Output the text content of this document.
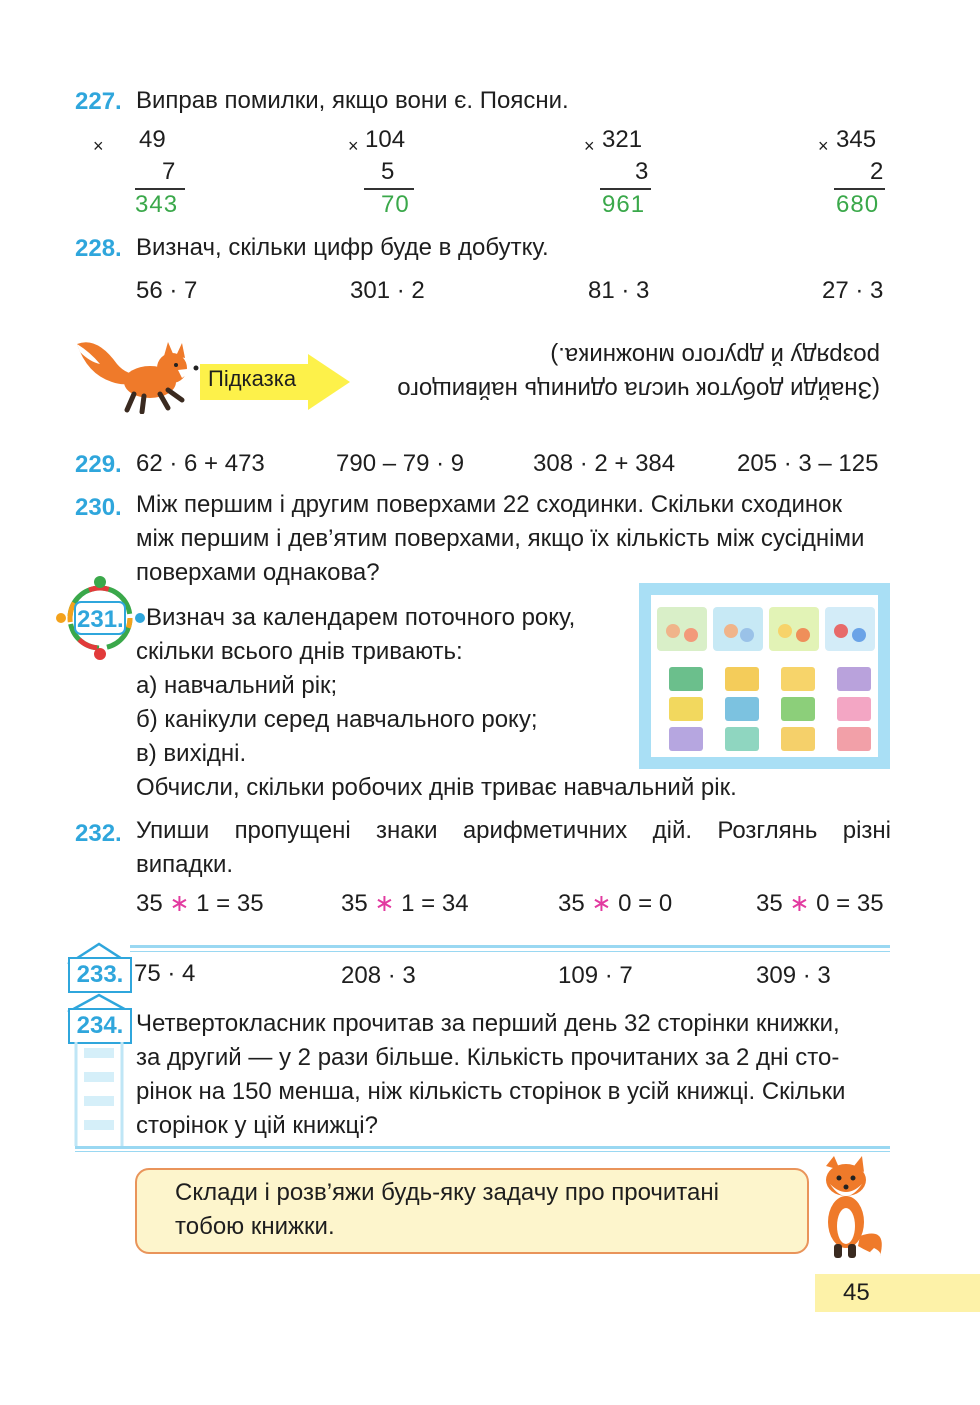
227. Виправ помилки, якщо вони є. Поясни.
×	49
7
343
× 104
5
70
× 321
3
961
× 345
2
680
228. Визнач, скільки цифр буде в добутку.
56 · 7	301 · 2	81 · 3	27 · 3
Підказка	(Знайди добуток числа одиниць найвищого розряду й другого множника.)
229. 62 · 6 + 473	790 – 79 · 9	308 · 2 + 384	205 · 3 – 125
230. Між першим і другим поверхами 22 сходинки. Скільки сходинок
між першим і дев’ятим поверхами, якщо їх кількість між сусідніми
поверхами однакова?
231. Визнач за календарем поточного року,
скільки всього днів тривають:
а) навчальний рік;
б) канікули серед навчального року;
в) вихідні.
Обчисли, скільки робочих днів триває навчальний рік.
232. Упиши пропущені знаки арифметичних дій. Розглянь різні
випадки.
35 ∗ 1 = 35	35 ∗ 1 = 34	35 ∗ 0 = 0	35 ∗ 0 = 35
233. 75 · 4	208 · 3	109 · 7	309 · 3
234. Четвертокласник прочитав за перший день 32 сторінки книжки,
за другий — у 2 рази більше. Кількість прочитаних за 2 дні сто-
рінок на 150 менша, ніж кількість сторінок в усій книжці. Скільки
сторінок у цій книжці?
Склади і розв’яжи будь-яку задачу про прочитані
тобою книжки.
45
